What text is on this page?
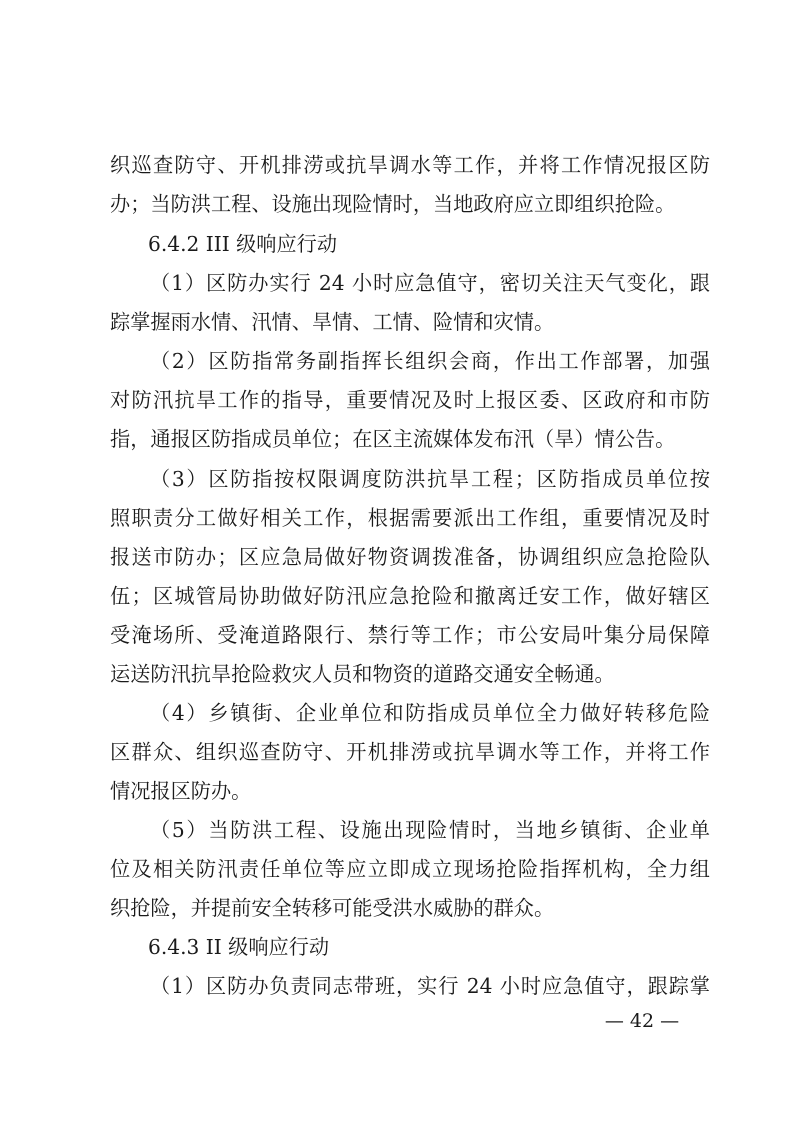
织巡查防守、开机排涝或抗旱调水等工作，并将工作情况报区防
办；当防洪工程、设施出现险情时，当地政府应立即组织抢险。
6.4.2 III 级响应行动
（1）区防办实行 24 小时应急值守，密切关注天气变化，跟
踪掌握雨水情、汛情、旱情、工情、险情和灾情。
（2）区防指常务副指挥长组织会商，作出工作部署，加强
对防汛抗旱工作的指导，重要情况及时上报区委、区政府和市防
指，通报区防指成员单位；在区主流媒体发布汛（旱）情公告。
（3）区防指按权限调度防洪抗旱工程；区防指成员单位按
照职责分工做好相关工作，根据需要派出工作组，重要情况及时
报送市防办；区应急局做好物资调拨准备，协调组织应急抢险队
伍；区城管局协助做好防汛应急抢险和撤离迁安工作，做好辖区
受淹场所、受淹道路限行、禁行等工作；市公安局叶集分局保障
运送防汛抗旱抢险救灾人员和物资的道路交通安全畅通。
（4）乡镇街、企业单位和防指成员单位全力做好转移危险
区群众、组织巡查防守、开机排涝或抗旱调水等工作，并将工作
情况报区防办。
（5）当防洪工程、设施出现险情时，当地乡镇街、企业单
位及相关防汛责任单位等应立即成立现场抢险指挥机构，全力组
织抢险，并提前安全转移可能受洪水威胁的群众。
6.4.3 II 级响应行动
（1）区防办负责同志带班，实行 24 小时应急值守，跟踪掌
— 42 —
